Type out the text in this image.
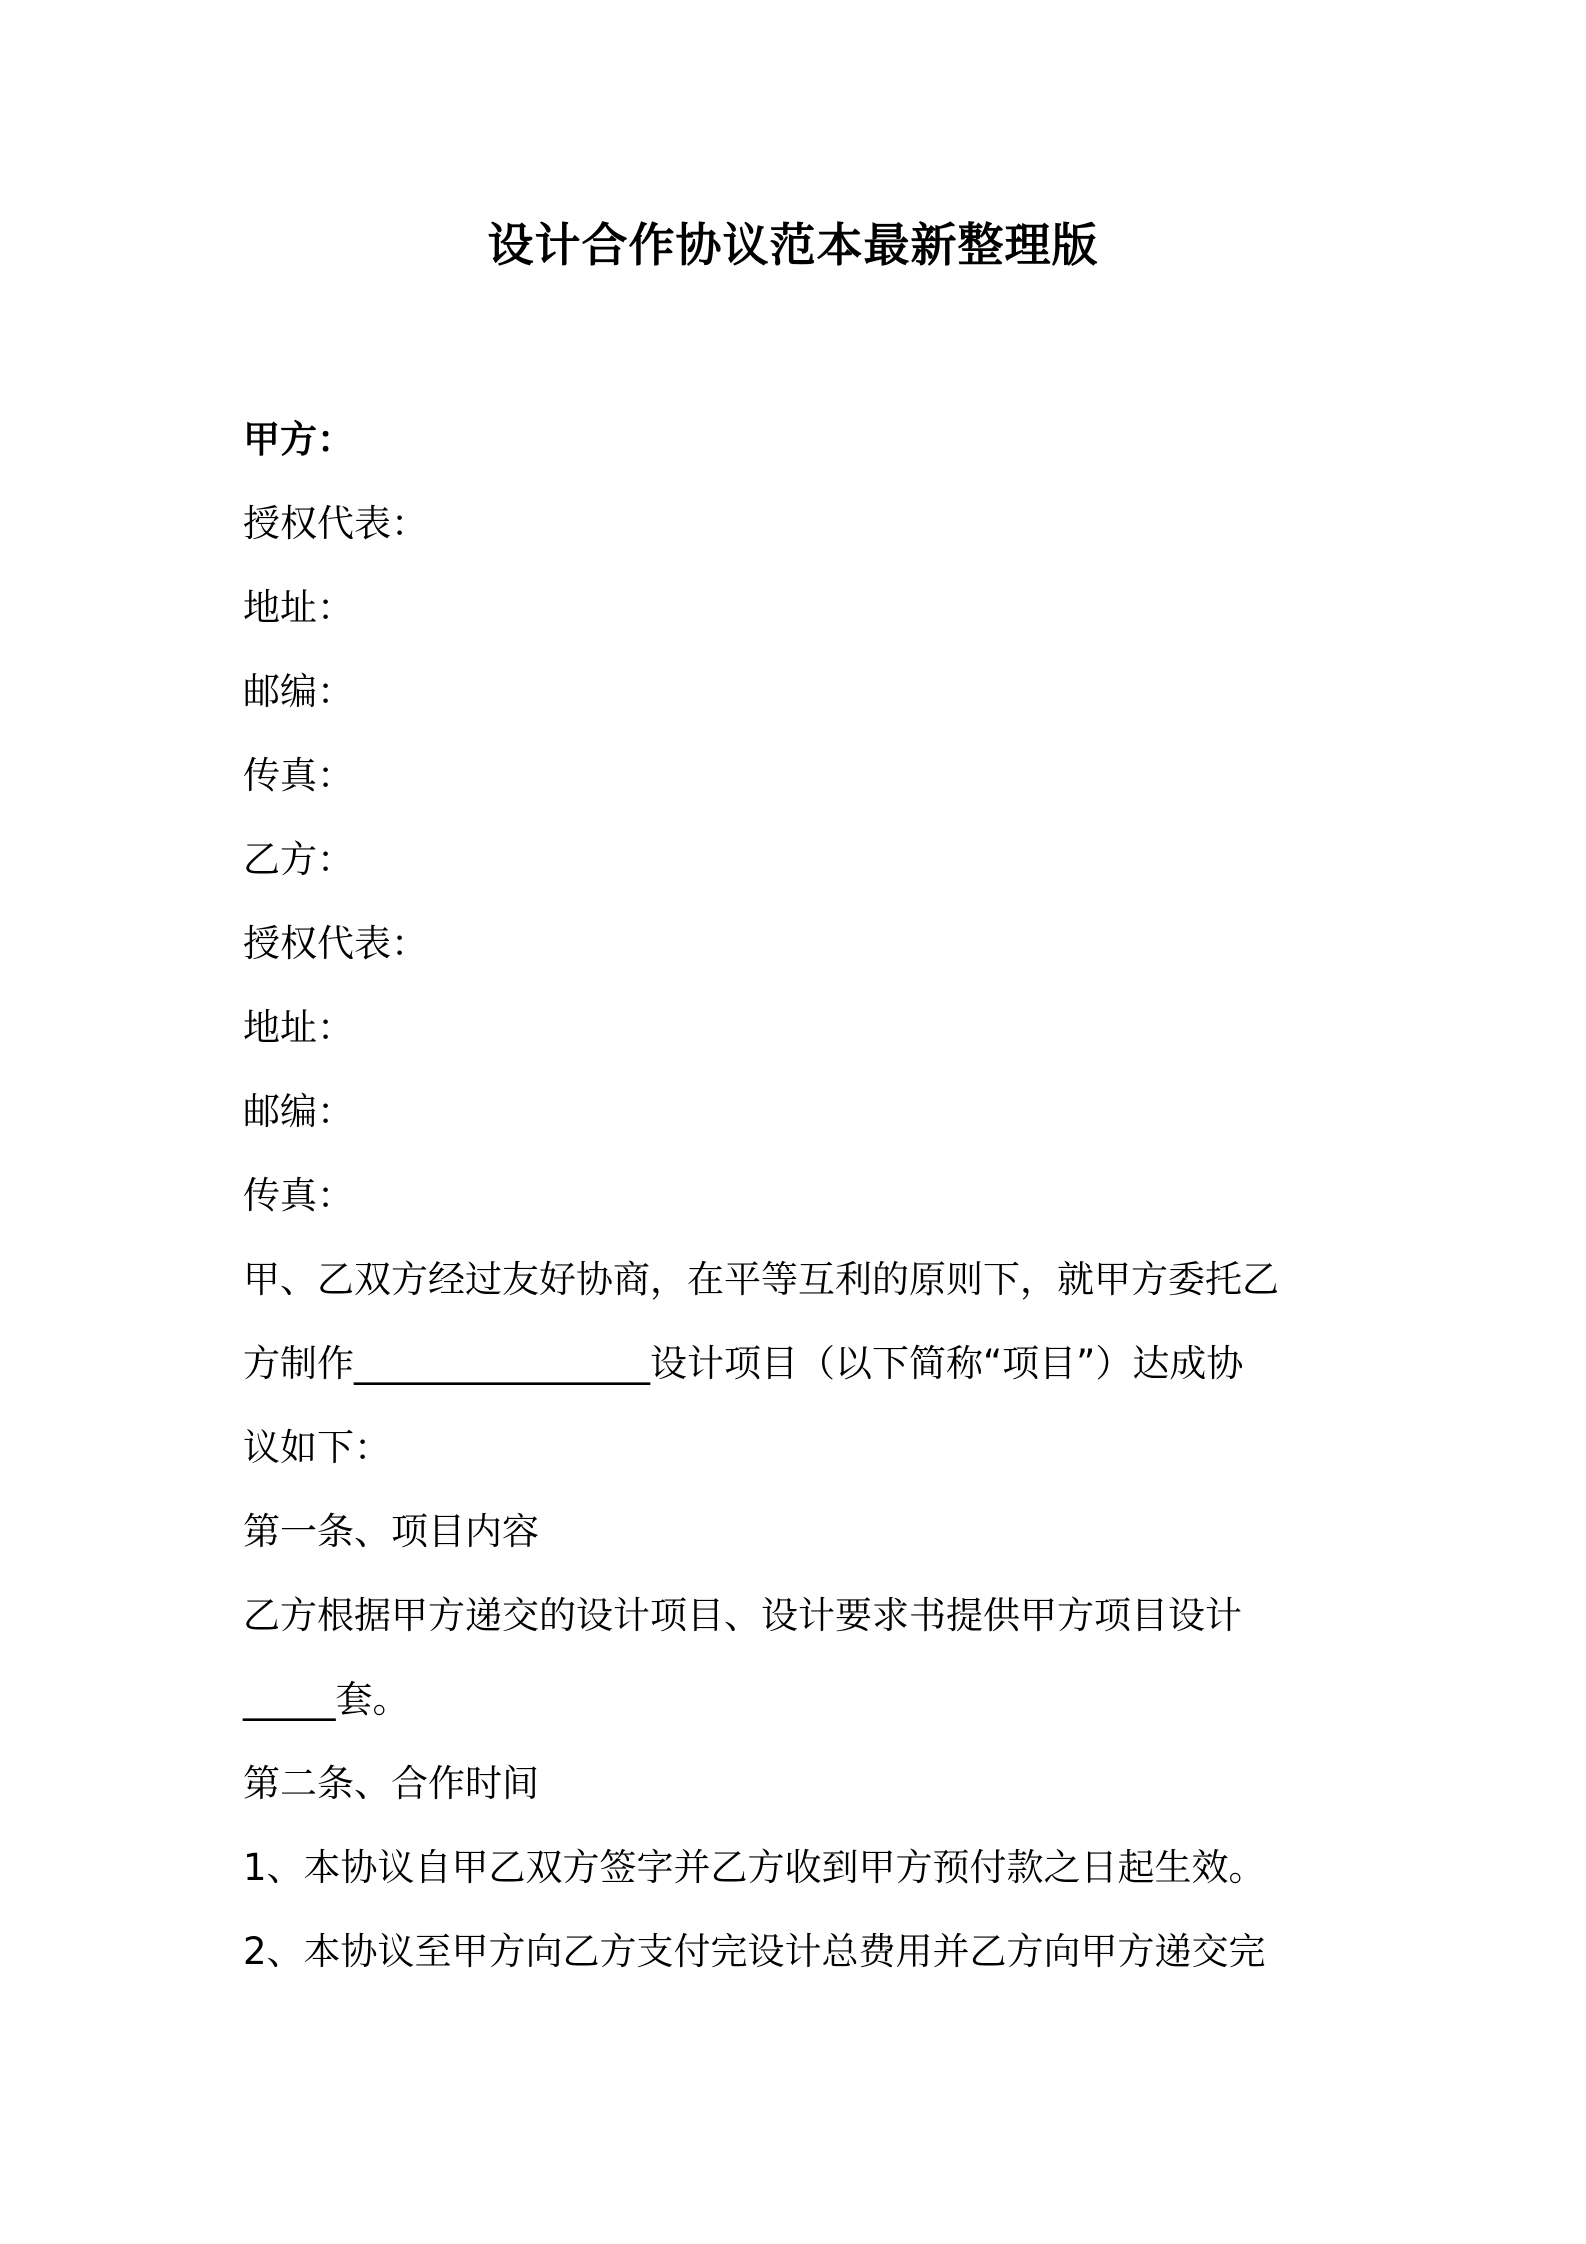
设计合作协议范本最新整理版
甲方：
授权代表：
地址：
邮编：
传真：
乙方：
授权代表：
地址：
邮编：
传真：
甲、乙双方经过友好协商，在平等互利的原则下，就甲方委托乙
方制作________________设计项目（以下简称“项目”）达成协
议如下：
第一条、项目内容
乙方根据甲方递交的设计项目、设计要求书提供甲方项目设计
_____套。
第二条、合作时间
1、本协议自甲乙双方签字并乙方收到甲方预付款之日起生效。
2、本协议至甲方向乙方支付完设计总费用并乙方向甲方递交完
